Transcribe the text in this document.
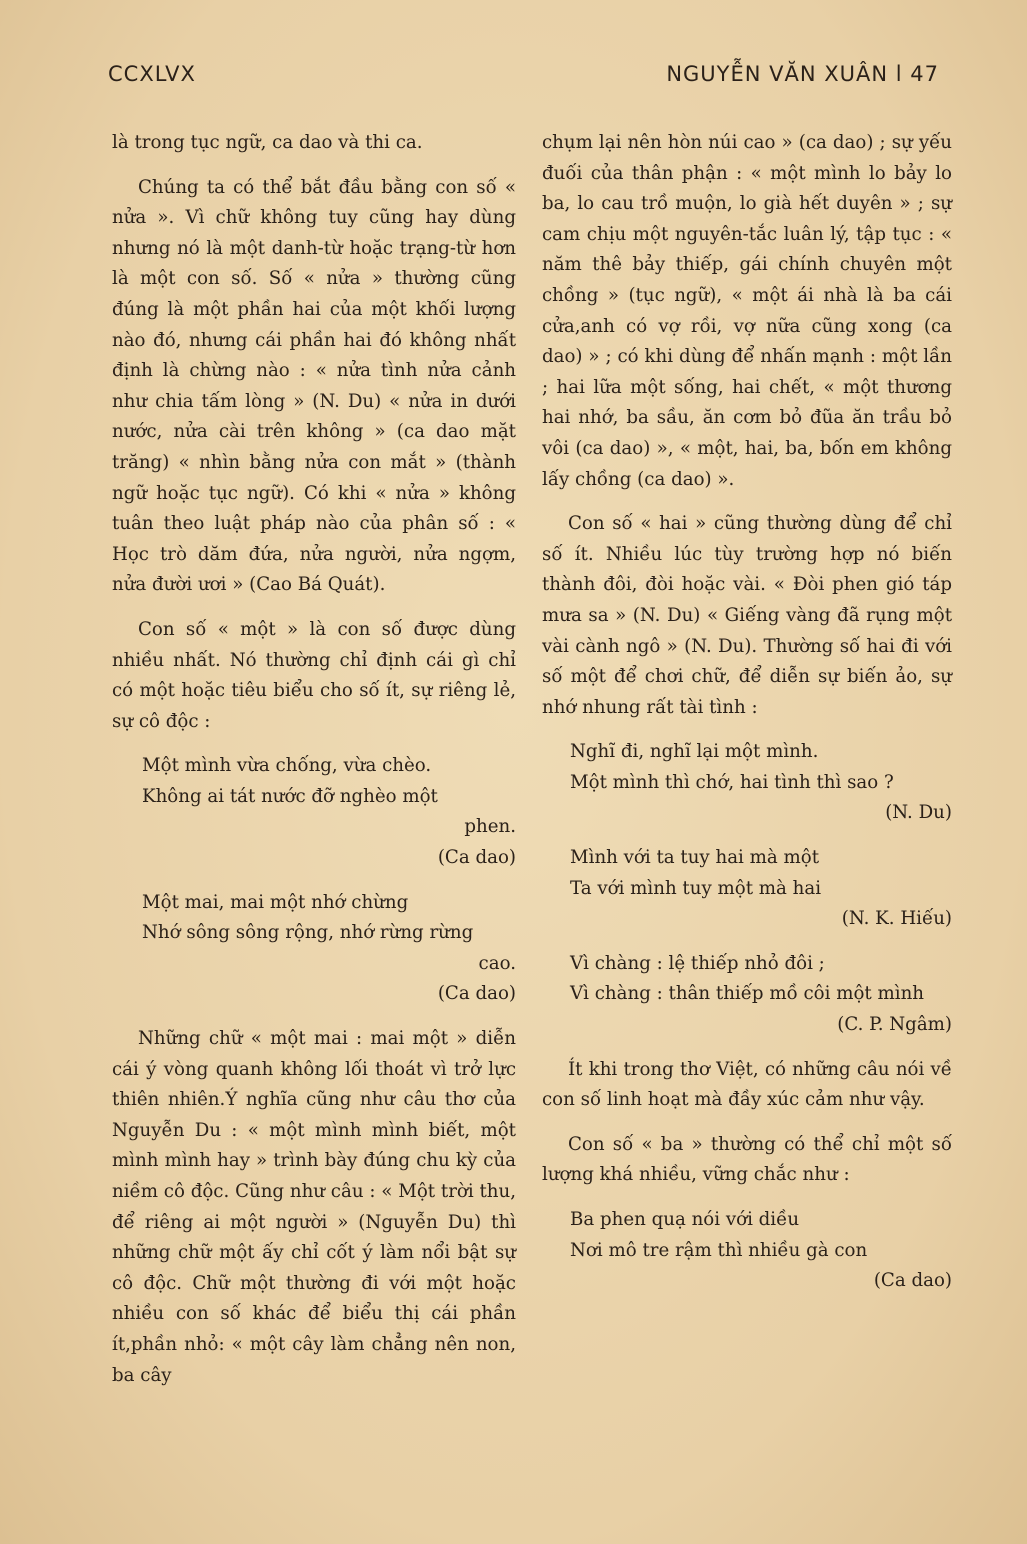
CCXLVX	NGUYỄN VĂN XUÂN l 47

là trong tục ngữ, ca dao và thi ca.

Chúng ta có thể bắt đầu bằng con số « nửa ». Vì chữ không tuy cũng hay dùng nhưng nó là một danh-từ hoặc trạng-từ hơn là một con số. Số « nửa » thường cũng đúng là một phần hai của một khối lượng nào đó, nhưng cái phần hai đó không nhất định là chừng nào : « nửa tình nửa cảnh như chia tấm lòng » (N. Du) « nửa in dưới nước, nửa cài trên không » (ca dao mặt trăng) « nhìn bằng nửa con mắt » (thành ngữ hoặc tục ngữ). Có khi « nửa » không tuân theo luật pháp nào của phân số : « Học trò dăm đứa, nửa người, nửa ngợm, nửa đười ươi » (Cao Bá Quát).

Con số « một » là con số được dùng nhiều nhất. Nó thường chỉ định cái gì chỉ có một hoặc tiêu biểu cho số ít, sự riêng lẻ, sự cô độc :

Một mình vừa chống, vừa chèo.
Không ai tát nước đỡ nghèo một
phen.
(Ca dao)
Một mai, mai một nhớ chừng
Nhớ sông sông rộng, nhớ rừng rừng
cao.
(Ca dao)

Những chữ « một mai : mai một » diễn cái ý vòng quanh không lối thoát vì trở lực thiên nhiên.Ý nghĩa cũng như câu thơ của Nguyễn Du : « một mình mình biết, một mình mình hay » trình bày đúng chu kỳ của niềm cô độc. Cũng như câu : « Một trời thu, để riêng ai một người » (Nguyễn Du) thì những chữ một ấy chỉ cốt ý làm nổi bật sự cô độc. Chữ một thường đi với một hoặc nhiều con số khác để biểu thị cái phần ít,phần nhỏ: « một cây làm chẳng nên non, ba cây

chụm lại nên hòn núi cao » (ca dao) ; sự yếu đuối của thân phận : « một mình lo bảy lo ba, lo cau trồ muộn, lo già hết duyên » ; sự cam chịu một nguyên-tắc luân lý, tập tục : « năm thê bảy thiếp, gái chính chuyên một chồng » (tục ngữ), « một ái nhà là ba cái cửa,anh có vợ rồi, vợ nữa cũng xong (ca dao) » ; có khi dùng để nhấn mạnh : một lần ; hai lữa một sống, hai chết, « một thương hai nhớ, ba sầu, ăn cơm bỏ đũa ăn trầu bỏ vôi (ca dao) », « một, hai, ba, bốn em không lấy chồng (ca dao) ».

Con số « hai » cũng thường dùng để chỉ số ít. Nhiều lúc tùy trường hợp nó biến thành đôi, đòi hoặc vài. « Đòi phen gió táp mưa sa » (N. Du) « Giếng vàng đã rụng một vài cành ngô » (N. Du). Thường số hai đi với số một để chơi chữ, để diễn sự biến ảo, sự nhớ nhung rất tài tình :

Nghĩ đi, nghĩ lại một mình.
Một mình thì chớ, hai tình thì sao ?
(N. Du)
Mình với ta tuy hai mà một
Ta với mình tuy một mà hai
(N. K. Hiếu)
Vì chàng : lệ thiếp nhỏ đôi ;
Vì chàng : thân thiếp mồ côi một mình
(C. P. Ngâm)

Ít khi trong thơ Việt, có những câu nói về con số linh hoạt mà đầy xúc cảm như vậy.

Con số « ba » thường có thể chỉ một số lượng khá nhiều, vững chắc như :

Ba phen quạ nói với diều
Nơi mô tre rậm thì nhiều gà con
(Ca dao)
